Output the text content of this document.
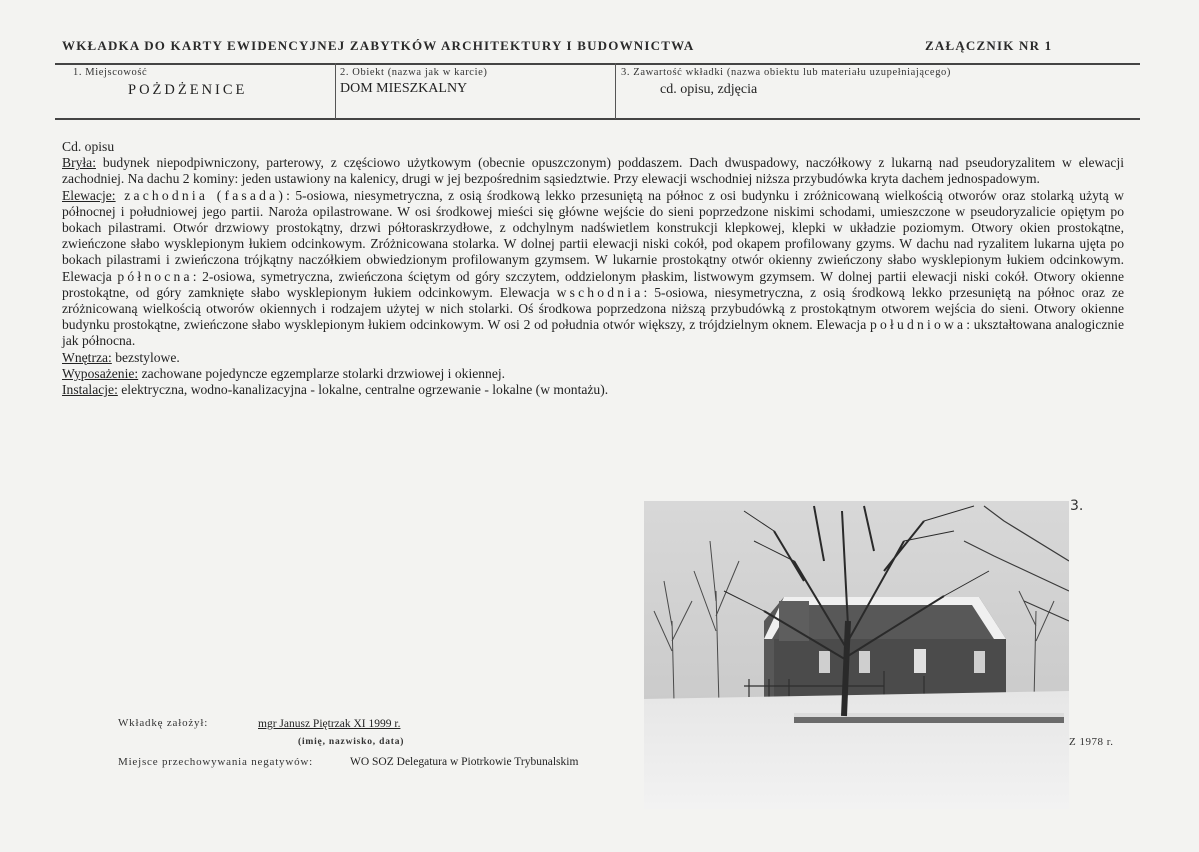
WKŁADKA DO KARTY EWIDENCYJNEJ ZABYTKÓW ARCHITEKTURY I BUDOWNICTWA	ZAŁĄCZNIK NR 1
1. Miejscowość
POŻDŻENICE
2. Obiekt (nazwa jak w karcie)
DOM MIESZKALNY
3. Zawartość wkładki (nazwa obiektu lub materiału uzupełniającego)
cd. opisu, zdjęcia

Cd. opisu

Bryła: budynek niepodpiwniczony, parterowy, z częściowo użytkowym (obecnie opuszczonym) poddaszem. Dach dwuspadowy, naczółkowy z lukarną nad pseudoryzalitem w elewacji zachodniej. Na dachu 2 kominy: jeden ustawiony na kalenicy, drugi w jej bezpośrednim sąsiedztwie. Przy elewacji wschodniej niższa przybudówka kryta dachem jednospadowym.

Elewacje: zachodnia (fasada): 5-osiowa, niesymetryczna, z osią środkową lekko przesuniętą na północ z osi budynku i zróżnicowaną wielkością otworów oraz stolarką użytą w północnej i południowej jego partii. Naroża opilastrowane. W osi środkowej mieści się główne wejście do sieni poprzedzone niskimi schodami, umieszczone w pseudoryzalicie opiętym po bokach pilastrami. Otwór drzwiowy prostokątny, drzwi półtoraskrzydłowe, z odchylnym nadświetlem konstrukcji klepkowej, klepki w układzie poziomym. Otwory okien prostokątne, zwieńczone słabo wysklepionym łukiem odcinkowym. Zróżnicowana stolarka. W dolnej partii elewacji niski cokół, pod okapem profilowany gzyms. W dachu nad ryzalitem lukarna ujęta po bokach pilastrami i zwieńczona trójkątny naczółkiem obwiedzionym profilowanym gzymsem. W lukarnie prostokątny otwór okienny zwieńczony słabo wysklepionym łukiem odcinkowym. Elewacja północna: 2-osiowa, symetryczna, zwieńczona ściętym od góry szczytem, oddzielonym płaskim, listwowym gzymsem. W dolnej partii elewacji niski cokół. Otwory okienne prostokątne, od góry zamknięte słabo wysklepionym łukiem odcinkowym. Elewacja wschodnia: 5-osiowa, niesymetryczna, z osią środkową lekko przesuniętą na północ oraz ze zróżnicowaną wielkością otworów okiennych i rodzajem użytej w nich stolarki. Oś środkowa poprzedzona niższą przybudówką z prostokątnym otworem wejścia do sieni. Otwory okienne budynku prostokątne, zwieńczone słabo wysklepionym łukiem odcinkowym. W osi 2 od południa otwór większy, z trójdzielnym oknem. Elewacja południowa: ukształtowana analogicznie jak północna.

Wnętrza: bezstylowe.

Wyposażenie: zachowane pojedyncze egzemplarze stolarki drzwiowej i okiennej.

Instalacje: elektryczna, wodno-kanalizacyjna - lokalne, centralne ogrzewanie - lokalne (w montażu).

3.
Z 1978 r.
Wkładkę założył:	mgr Janusz Piętrzak XI 1999 r.
(imię, nazwisko, data)
Miejsce przechowywania negatywów:	WO SOZ Delegatura w Piotrkowie Trybunalskim
